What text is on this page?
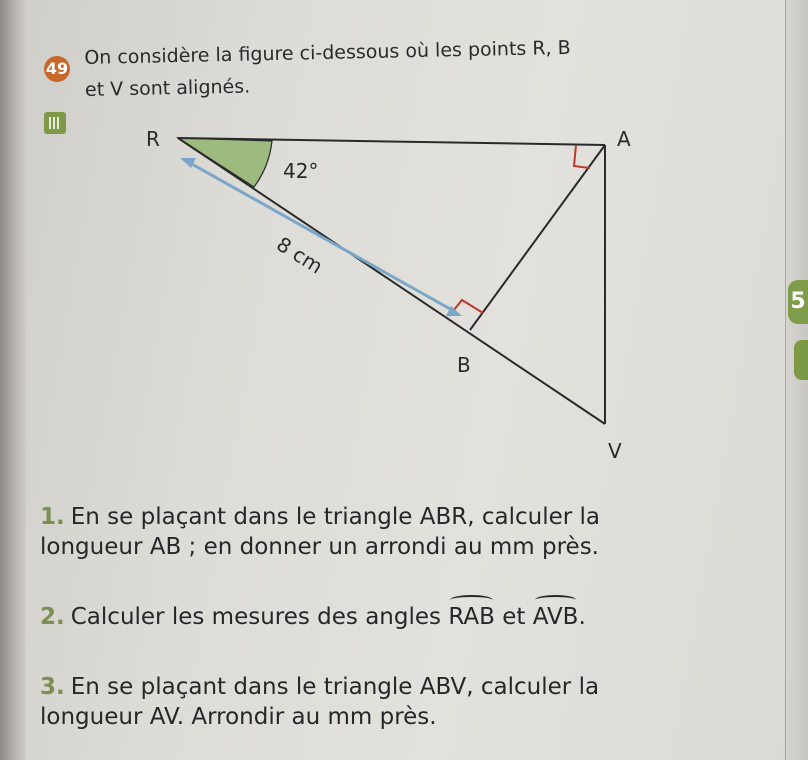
5
49 On considère la figure ci-dessous où les points R, B
et V sont alignés.
R	A
B
V
42°
8 cm
1. En se plaçant dans le triangle ABR, calculer la
longueur AB ; en donner un arrondi au mm près.
2. Calculer les mesures des angles RAB et AVB.
3. En se plaçant dans le triangle ABV, calculer la
longueur AV. Arrondir au mm près.
